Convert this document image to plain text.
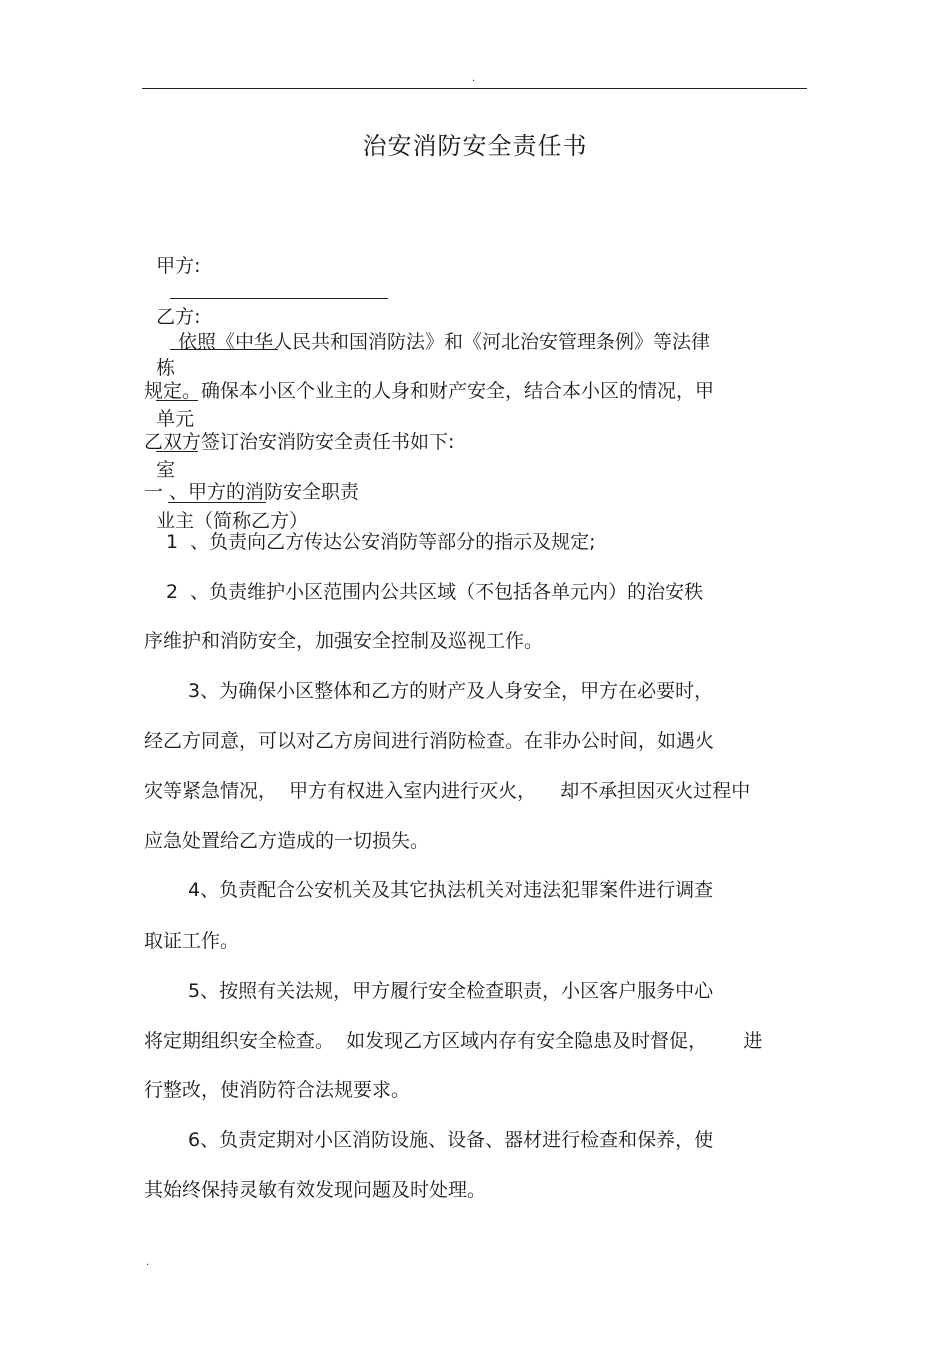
.
治安消防安全责任书

甲方:

乙方:

栋

单元

室

业主（简称乙方）

依照《中华人民共和国消防法》和《河北治安管理条例》等法律
规定。确保本小区个业主的人身和财产安全，结合本小区的情况，甲
乙双方签订治安消防安全责任书如下:
一 、甲方的消防安全职责
1  、负责向乙方传达公安消防等部分的指示及规定;
2  、负责维护小区范围内公共区域（不包括各单元内）的治安秩
序维护和消防安全，加强安全控制及巡视工作。
3、为确保小区整体和乙方的财产及人身安全，甲方在必要时，
经乙方同意，可以对乙方房间进行消防检查。在非办公时间，如遇火
灾等紧急情况，  甲方有权进入室内进行灭火，    却不承担因灭火过程中
应急处置给乙方造成的一切损失。
4、负责配合公安机关及其它执法机关对违法犯罪案件进行调查
取证工作。
5、按照有关法规，甲方履行安全检查职责，小区客户服务中心
将定期组织安全检查。  如发现乙方区域内存有安全隐患及时督促，      进
行整改，使消防符合法规要求。
6、负责定期对小区消防设施、设备、器材进行检查和保养，使
其始终保持灵敏有效发现问题及时处理。
.
